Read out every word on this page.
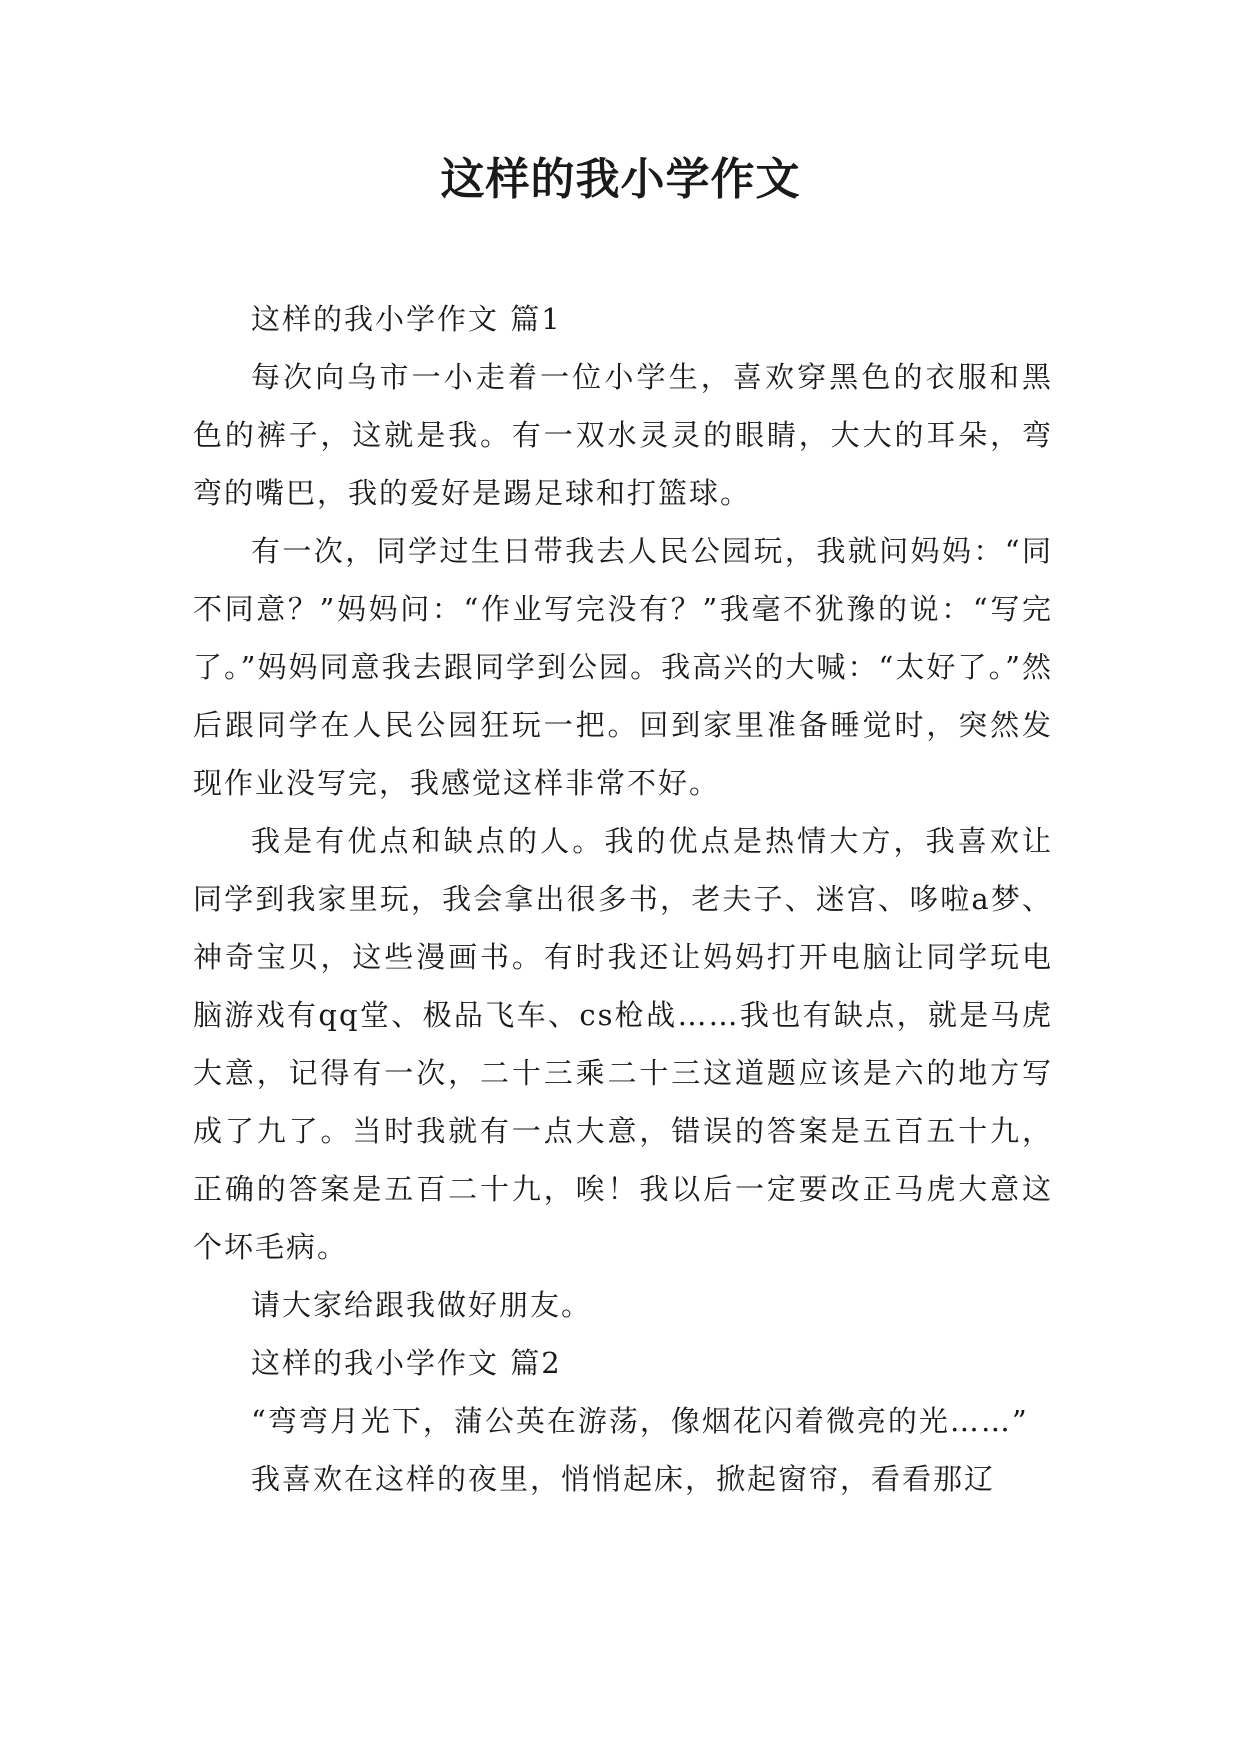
这样的我小学作文

这样的我小学作文 篇1

每次向乌市一小走着一位小学生，喜欢穿黑色的衣服和黑色的裤子，这就是我。有一双水灵灵的眼睛，大大的耳朵，弯弯的嘴巴，我的爱好是踢足球和打篮球。

有一次，同学过生日带我去人民公园玩，我就问妈妈：“同不同意？”妈妈问：“作业写完没有？”我毫不犹豫的说：“写完了。”妈妈同意我去跟同学到公园。我高兴的大喊：“太好了。”然后跟同学在人民公园狂玩一把。回到家里准备睡觉时，突然发现作业没写完，我感觉这样非常不好。

我是有优点和缺点的人。我的优点是热情大方，我喜欢让同学到我家里玩，我会拿出很多书，老夫子、迷宫、哆啦a梦、神奇宝贝，这些漫画书。有时我还让妈妈打开电脑让同学玩电脑游戏有qq堂、极品飞车、cs枪战……我也有缺点，就是马虎大意，记得有一次，二十三乘二十三这道题应该是六的地方写成了九了。当时我就有一点大意，错误的答案是五百五十九，正确的答案是五百二十九，唉！我以后一定要改正马虎大意这个坏毛病。

请大家给跟我做好朋友。

这样的我小学作文 篇2

“弯弯月光下，蒲公英在游荡，像烟花闪着微亮的光……”

我喜欢在这样的夜里，悄悄起床，掀起窗帘，看看那辽
